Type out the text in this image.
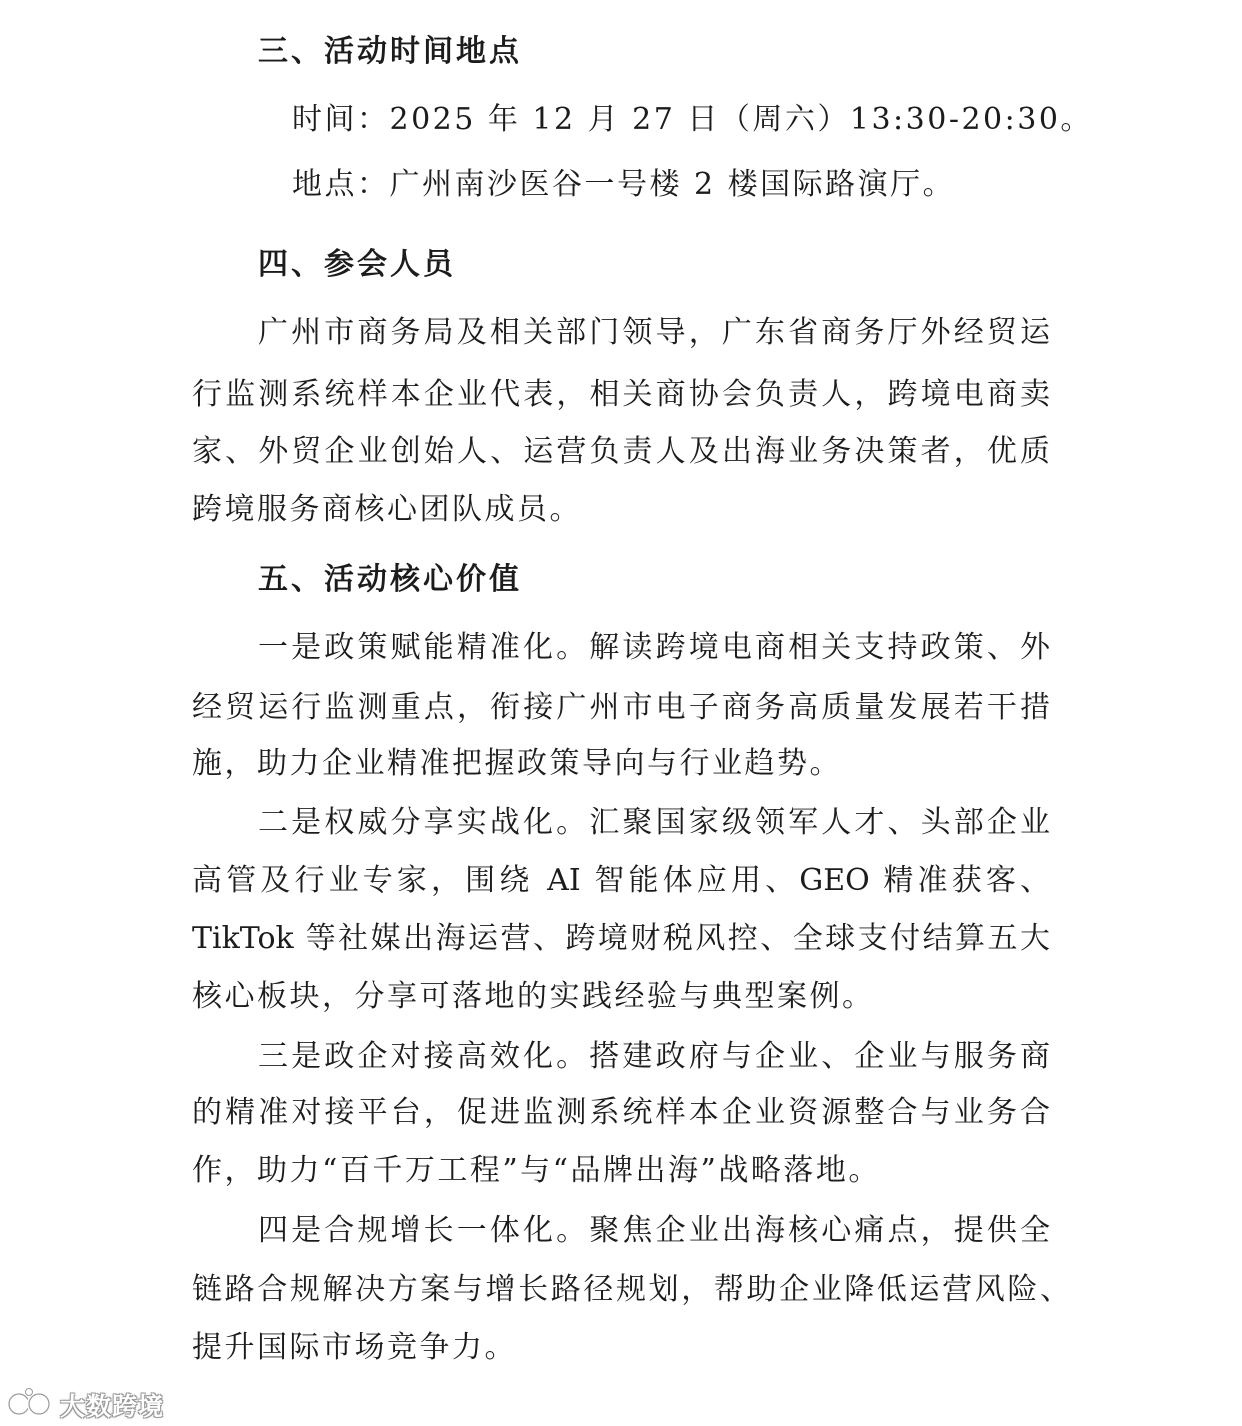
三、活动时间地点
时间：2025 年 12 月 27 日（周六）13:30-20:30。
地点：广州南沙医谷一号楼 2 楼国际路演厅。
四、参会人员
广州市商务局及相关部门领导，广东省商务厅外经贸运
行监测系统样本企业代表，相关商协会负责人，跨境电商卖
家、外贸企业创始人、运营负责人及出海业务决策者，优质
跨境服务商核心团队成员。
五、活动核心价值
一是政策赋能精准化。解读跨境电商相关支持政策、外
经贸运行监测重点，衔接广州市电子商务高质量发展若干措
施，助力企业精准把握政策导向与行业趋势。
二是权威分享实战化。汇聚国家级领军人才、头部企业
高管及行业专家，围绕 AI 智能体应用、GEO 精准获客、
TikTok 等社媒出海运营、跨境财税风控、全球支付结算五大
核心板块，分享可落地的实践经验与典型案例。
三是政企对接高效化。搭建政府与企业、企业与服务商
的精准对接平台，促进监测系统样本企业资源整合与业务合
作，助力“百千万工程”与“品牌出海”战略落地。
四是合规增长一体化。聚焦企业出海核心痛点，提供全
链路合规解决方案与增长路径规划，帮助企业降低运营风险、
提升国际市场竞争力。
大数跨境
